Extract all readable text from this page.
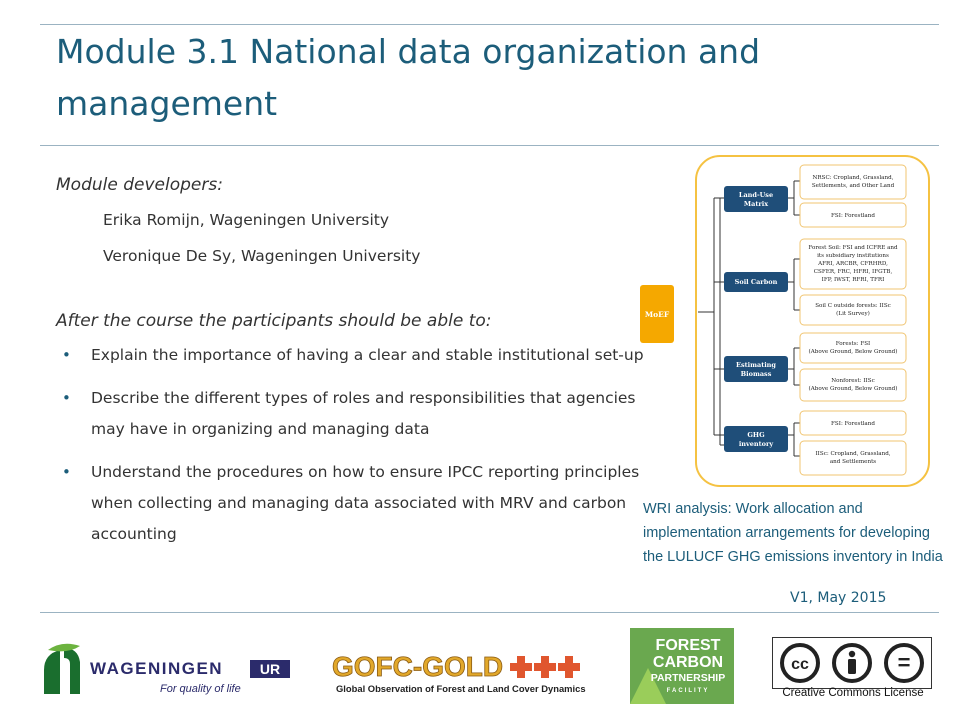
Module 3.1 National data organization and management

Module developers:

Erika Romijn, Wageningen University
Veronique De Sy, Wageningen University

After the course the participants should be able to:

• Explain the importance of having a clear and stable institutional set-up
• Describe the different types of roles and responsibilities that agencies may have in organizing and managing data
• Understand the procedures on how to ensure IPCC reporting principles when collecting and managing data associated with MRV and carbon accounting
MoEF
Land-Use
Matrix
Soil Carbon
Estimating
Biomass
GHG
inventory
NRSC: Cropland, Grassland,
Settlements, and Other Land
FSI: Forestland
Forest Soil: FSI and ICFRE and
its subsidiary institutions
AFRI, ARCBR, CFRHRD,
CSFER, FRC, HFRI, IFGTB,
IFP, IWST, RFRI, TFRI
Soil C outside forests: IISc
(Lit Survey)
Forests: FSI
(Above Ground, Below Ground)
Nonforest: IISc
(Above Ground, Below Ground)
FSI: Forestland
IISc: Cropland, Grassland,
and Settlements

WRI analysis: Work allocation and implementation arrangements for developing the LULUCF GHG emissions inventory in India

V1, May 2015
WAGENINGEN	UR
For quality of life
GOFC-GOLD
Global Observation of Forest and Land Cover Dynamics
FOREST
CARBON
PARTNERSHIP
FACILITY
cc	=
Creative Commons License
